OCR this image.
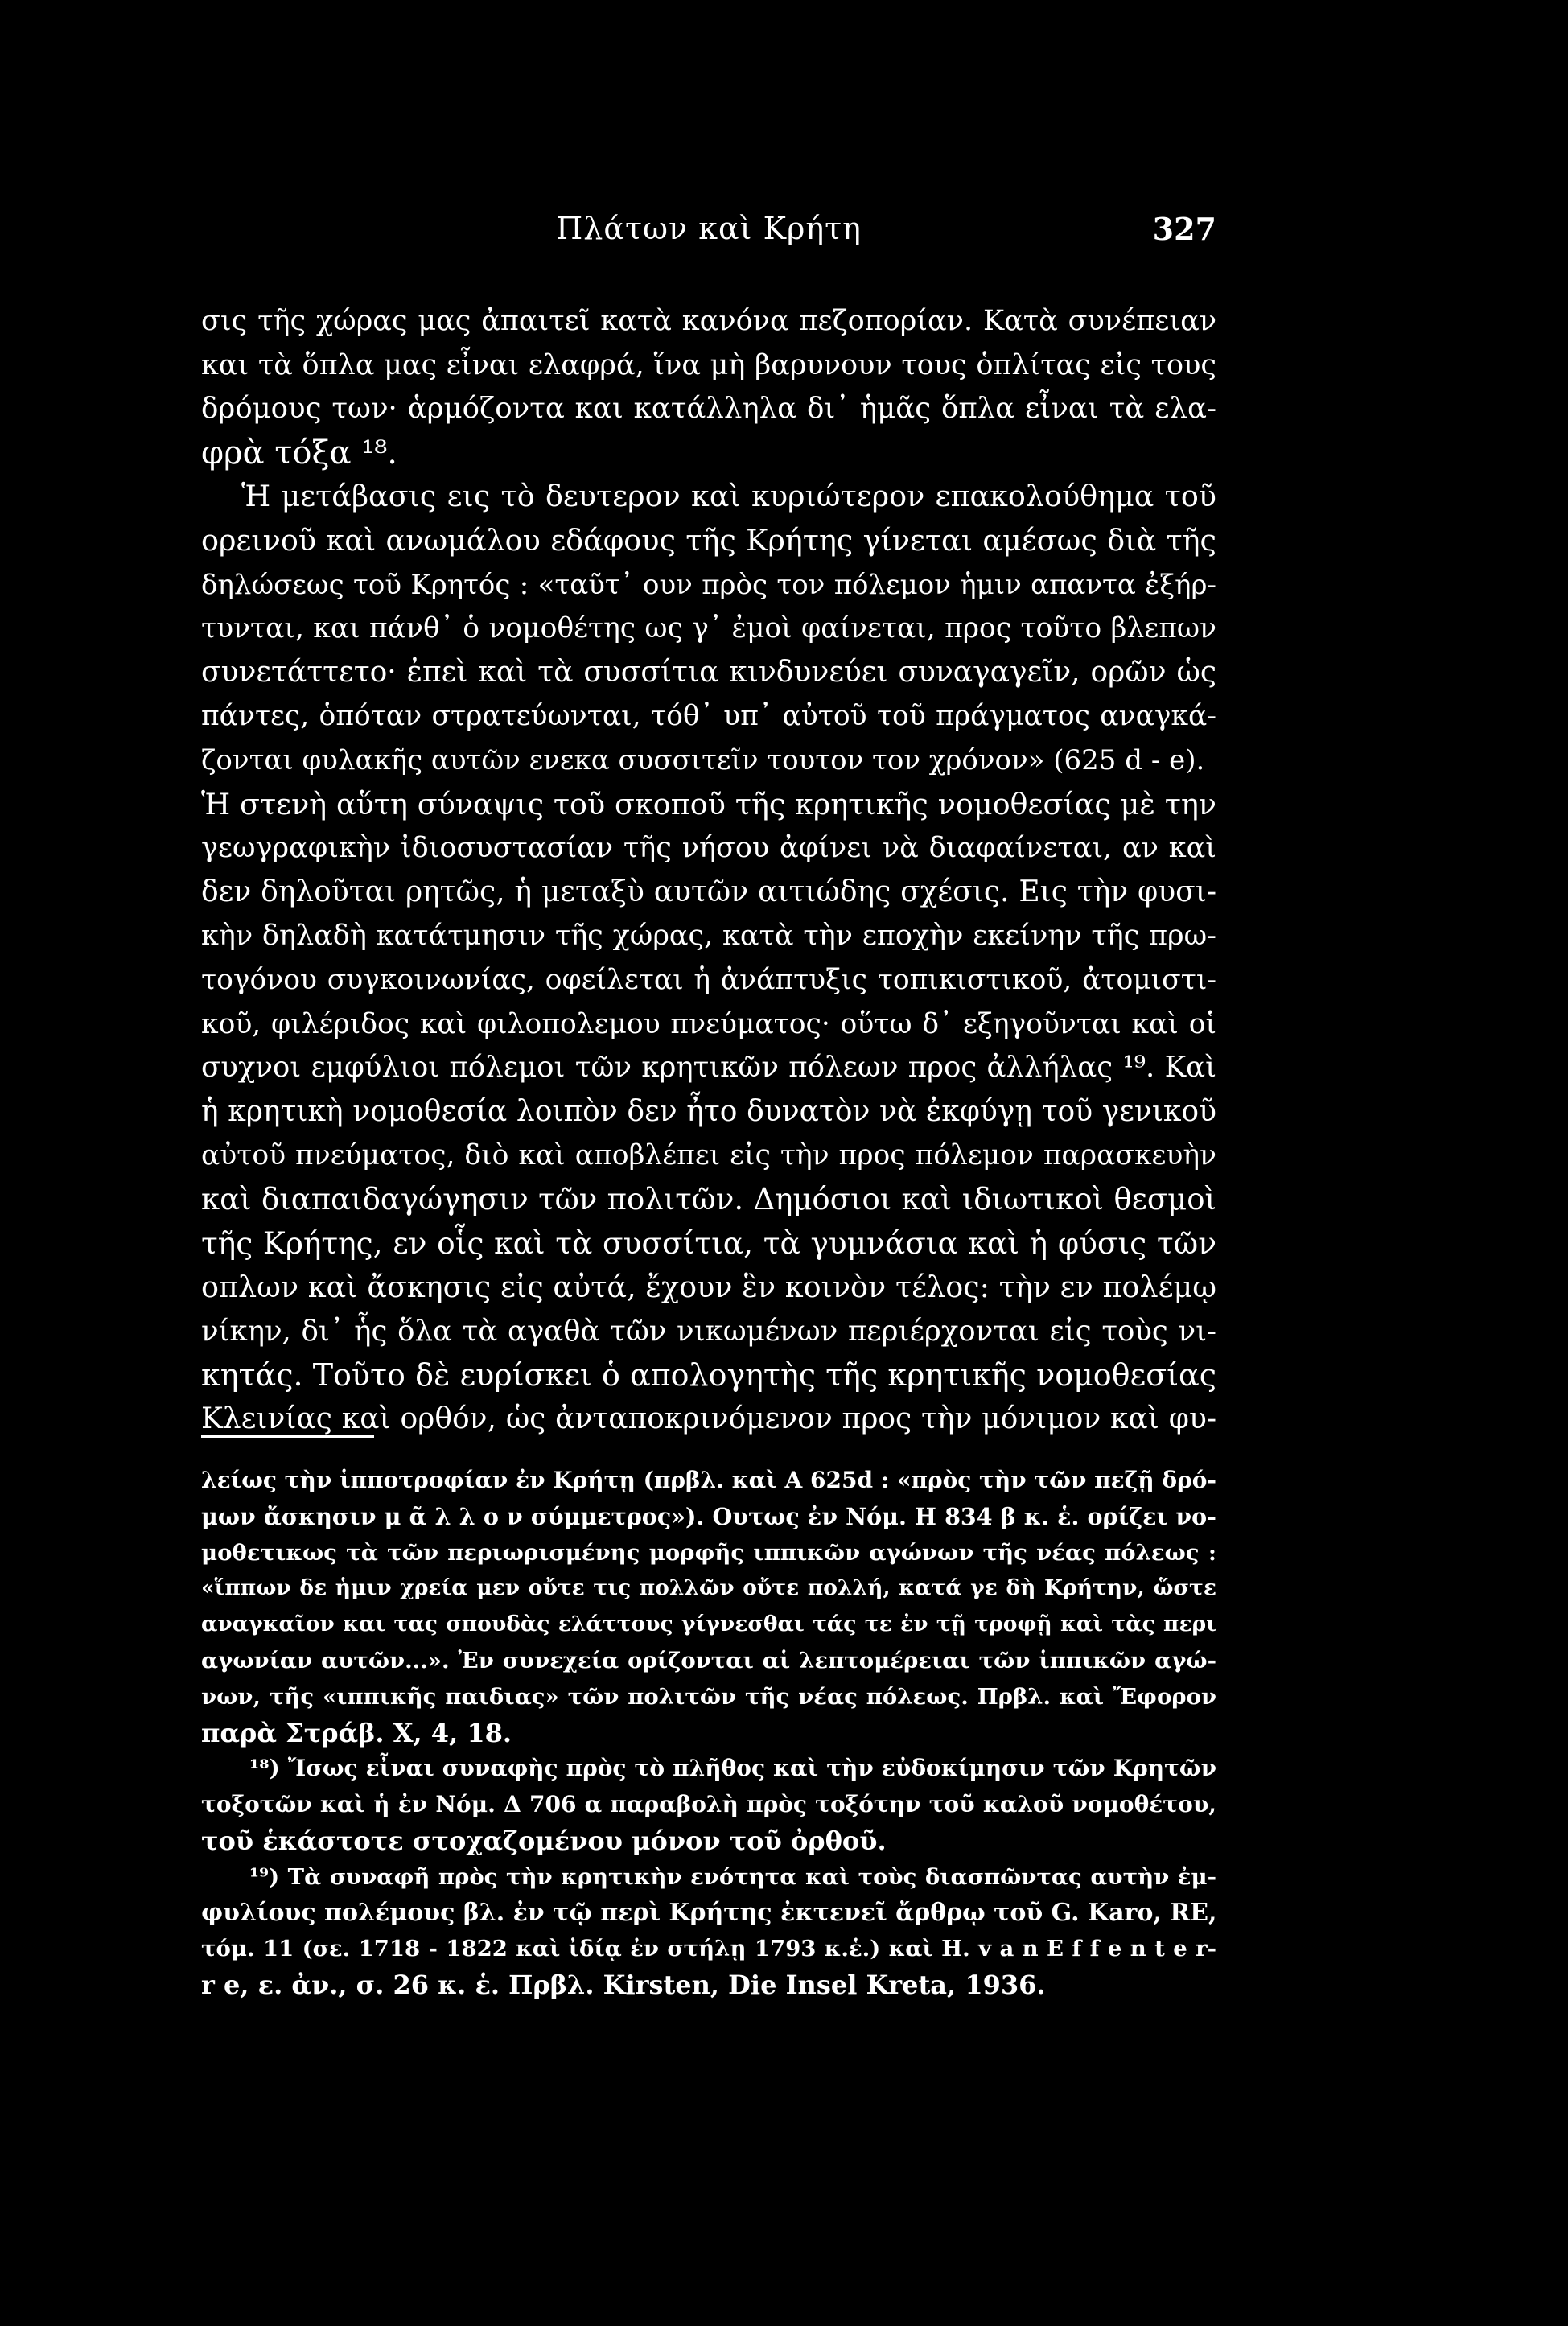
Πλάτων καὶ Κρήτη	327
σις τῆς χώρας μας ἀπαιτεῖ κατὰ κανόνα πεζοπορίαν. Κατὰ συνέπειαν
και τὰ ὅπλα μας εἶναι ελαφρά, ἵνα μὴ βαρυνουν τους ὁπλίτας εἰς τους
δρόμους των· ἁρμόζοντα και κατάλληλα δι᾽ ἡμᾶς ὅπλα εἶναι τὰ ελα-
φρὰ τόξα ¹⁸.
Ἡ μετάβασις εις τὸ δευτερον καὶ κυριώτερον επακολούθημα τοῦ
ορεινοῦ καὶ ανωμάλου εδάφους τῆς Κρήτης γίνεται αμέσως διὰ τῆς
δηλώσεως τοῦ Κρητός : «ταῦτ᾽ ουν πρὸς τον πόλεμον ἡμιν απαντα ἐξήρ-
τυνται, και πάνθ᾽ ὁ νομοθέτης ως γ᾽ ἐμοὶ φαίνεται, προς τοῦτο βλεπων
συνετάττετο· ἐπεὶ καὶ τὰ συσσίτια κινδυνεύει συναγαγεῖν, ορῶν ὡς
πάντες, ὁπόταν στρατεύωνται, τόθ᾽ υπ᾽ αὐτοῦ τοῦ πράγματος αναγκά-
ζονται φυλακῆς αυτῶν ενεκα συσσιτεῖν τουτον τον χρόνον» (625 d - e).
Ἡ στενὴ αὕτη σύναψις τοῦ σκοποῦ τῆς κρητικῆς νομοθεσίας μὲ την
γεωγραφικὴν ἰδιοσυστασίαν τῆς νήσου ἀφίνει νὰ διαφαίνεται, αν καὶ
δεν δηλοῦται ρητῶς, ἡ μεταξὺ αυτῶν αιτιώδης σχέσις. Εις τὴν φυσι-
κὴν δηλαδὴ κατάτμησιν τῆς χώρας, κατὰ τὴν εποχὴν εκείνην τῆς πρω-
τογόνου συγκοινωνίας, οφείλεται ἡ ἀνάπτυξις τοπικιστικοῦ, ἀτομιστι-
κοῦ, φιλέριδος καὶ φιλοπολεμου πνεύματος· οὕτω δ᾽ εξηγοῦνται καὶ οἱ
συχνοι εμφύλιοι πόλεμοι τῶν κρητικῶν πόλεων προς ἀλλήλας ¹⁹. Καὶ
ἡ κρητικὴ νομοθεσία λοιπὸν δεν ἦτο δυνατὸν νὰ ἐκφύγῃ τοῦ γενικοῦ
αὐτοῦ πνεύματος, διὸ καὶ αποβλέπει εἰς τὴν προς πόλεμον παρασκευὴν
καὶ διαπαιδαγώγησιν τῶν πολιτῶν. Δημόσιοι καὶ ιδιωτικοὶ θεσμοὶ
τῆς Κρήτης, εν οἷς καὶ τὰ συσσίτια, τὰ γυμνάσια καὶ ἡ φύσις τῶν
οπλων καὶ ἄσκησις εἰς αὐτά, ἔχουν ἓν κοινὸν τέλος: τὴν εν πολέμῳ
νίκην, δι᾽ ἧς ὅλα τὰ αγαθὰ τῶν νικωμένων περιέρχονται εἰς τοὺς νι-
κητάς. Τοῦτο δὲ ευρίσκει ὁ απολογητὴς τῆς κρητικῆς νομοθεσίας
Κλεινίας καὶ ορθόν, ὡς ἀνταποκρινόμενον προς τὴν μόνιμον καὶ φυ-
λείως τὴν ἱπποτροφίαν ἐν Κρήτῃ (πρβλ. καὶ Α 625d : «πρὸς τὴν τῶν πεζῇ δρό-
μων ἄσκησιν μ ᾶ λ λ ο ν σύμμετρος»). Ουτως ἐν Νόμ. Η 834 β κ. ἑ. ορίζει νο-
μοθετικως τὰ τῶν περιωρισμένης μορφῆς ιππικῶν αγώνων τῆς νέας πόλεως :
«ἵππων δε ἡμιν χρεία μεν οὔτε τις πολλῶν οὔτε πολλή, κατά γε δὴ Κρήτην, ὥστε
αναγκαῖον και τας σπουδὰς ελάττους γίγνεσθαι τάς τε ἐν τῇ τροφῇ καὶ τὰς περι
αγωνίαν αυτῶν...». Ἐν συνεχεία ορίζονται αἱ λεπτομέρειαι τῶν ἱππικῶν αγώ-
νων, τῆς «ιππικῆς παιδιας» τῶν πολιτῶν τῆς νέας πόλεως. Πρβλ. καὶ Ἔφορον
παρὰ Στράβ. Χ, 4, 18.
¹⁸) Ἴσως εἶναι συναφὴς πρὸς τὸ πλῆθος καὶ τὴν εὐδοκίμησιν τῶν Κρητῶν
τοξοτῶν καὶ ἡ ἐν Νόμ. Δ 706 α παραβολὴ πρὸς τοξότην τοῦ καλοῦ νομοθέτου,
τοῦ ἑκάστοτε στοχαζομένου μόνον τοῦ ὀρθοῦ.
¹⁹) Τὰ συναφῆ πρὸς τὴν κρητικὴν ενότητα καὶ τοὺς διασπῶντας αυτὴν ἐμ-
φυλίους πολέμους βλ. ἐν τῷ περὶ Κρήτης ἐκτενεῖ ἄρθρῳ τοῦ G. Karo, RE,
τόμ. 11 (σε. 1718 - 1822 καὶ ἰδίᾳ ἐν στήλῃ 1793 κ.ἑ.) καὶ Η. v a n E f f e n t e r-
r e, ε. ἀν., σ. 26 κ. ἑ. Πρβλ. Kirsten, Die Insel Kreta, 1936.
